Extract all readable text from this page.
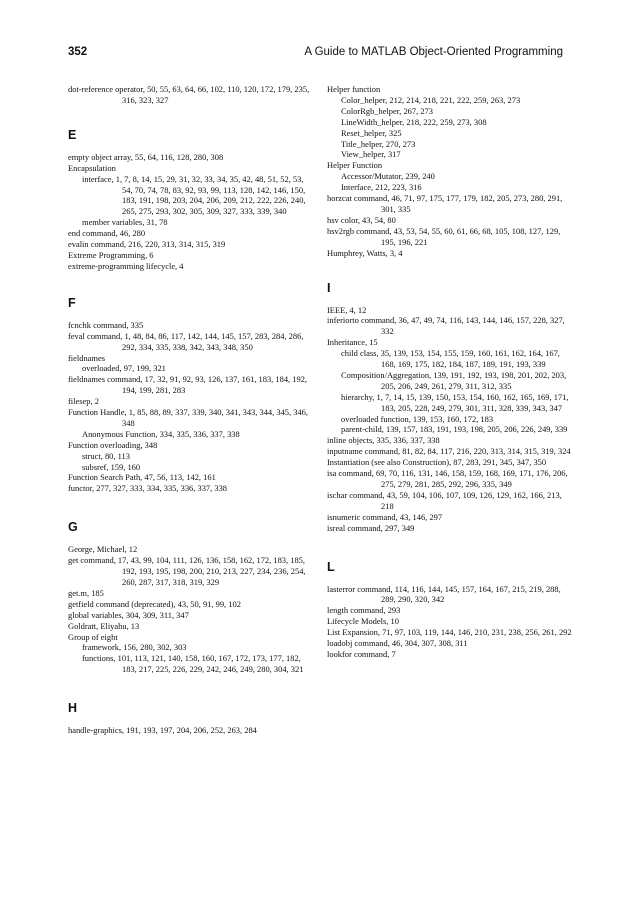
352	A Guide to MATLAB Object-Oriented Programming

dot-reference operator, 50, 55, 63, 64, 66, 102, 110, 120, 172, 179, 235, 316, 323, 327

E

empty object array, 55, 64, 116, 128, 280, 308

Encapsulation

interface, 1, 7, 8, 14, 15, 29, 31, 32, 33, 34, 35, 42, 48, 51, 52, 53, 54, 70, 74, 78, 83, 92, 93, 99, 113, 128, 142, 146, 150, 183, 191, 198, 203, 204, 206, 209, 212, 222, 226, 240, 265, 275, 293, 302, 305, 309, 327, 333, 339, 340

member variables, 31, 78

end command, 46, 280

evalin command, 216, 220, 313, 314, 315, 319

Extreme Programming, 6

extreme-programming lifecycle, 4

F

fcnchk command, 335

feval command, 1, 48, 84, 86, 117, 142, 144, 145, 157, 283, 284, 286, 292, 334, 335, 338, 342, 343, 348, 350

fieldnames

overloaded, 97, 199, 321

fieldnames command, 17, 32, 91, 92, 93, 126, 137, 161, 183, 184, 192, 194, 199, 281, 283

filesep, 2

Function Handle, 1, 85, 88, 89, 337, 339, 340, 341, 343, 344, 345, 346, 348

Anonymous Function, 334, 335, 336, 337, 338

Function overloading, 348

struct, 80, 113

subsref, 159, 160

Function Search Path, 47, 56, 113, 142, 161

functor, 277, 327, 333, 334, 335, 336, 337, 338

G

George, Michael, 12

get command, 17, 43, 99, 104, 111, 126, 136, 158, 162, 172, 183, 185, 192, 193, 195, 198, 200, 210, 213, 227, 234, 236, 254, 260, 287, 317, 318, 319, 329

get.m, 185

getfield command (deprecated), 43, 50, 91, 99, 102

global variables, 304, 309, 311, 347

Goldratt, Eliyahu, 13

Group of eight

framework, 156, 280, 302, 303

functions, 101, 113, 121, 140, 158, 160, 167, 172, 173, 177, 182, 183, 217, 225, 226, 229, 242, 246, 249, 280, 304, 321

H

handle-graphics, 191, 193, 197, 204, 206, 252, 263, 284

Helper function

Color_helper, 212, 214, 218, 221, 222, 259, 263, 273

ColorRgb_helper, 267, 273

LineWidth_helper, 218, 222, 259, 273, 308

Reset_helper, 325

Title_helper, 270, 273

View_helper, 317

Helper Function

Accessor/Mutator, 239, 240

Interface, 212, 223, 316

horzcat command, 46, 71, 97, 175, 177, 179, 182, 205, 273, 280, 291, 301, 335

hsv color, 43, 54, 80

hsv2rgb command, 43, 53, 54, 55, 60, 61, 66, 68, 105, 108, 127, 129, 195, 196, 221

Humphrey, Watts, 3, 4

I

IEEE, 4, 12

inferiorto command, 36, 47, 49, 74, 116, 143, 144, 146, 157, 228, 327, 332

Inheritance, 15

child class, 35, 139, 153, 154, 155, 159, 160, 161, 162, 164, 167, 168, 169, 175, 182, 184, 187, 189, 191, 193, 339

Composition/Aggregation, 139, 191, 192, 193, 198, 201, 202, 203, 205, 206, 249, 261, 279, 311, 312, 335

hierarchy, 1, 7, 14, 15, 139, 150, 153, 154, 160, 162, 165, 169, 171, 183, 205, 228, 249, 279, 301, 311, 328, 339, 343, 347

overloaded function, 139, 153, 160, 172, 183

parent-child, 139, 157, 183, 191, 193, 198, 205, 206, 226, 249, 339

inline objects, 335, 336, 337, 338

inputname command, 81, 82, 84, 117, 216, 220, 313, 314, 315, 319, 324

Instantiation (see also Construction), 87, 283, 291, 345, 347, 350

isa command, 69, 70, 116, 131, 146, 158, 159, 168, 169, 171, 176, 206, 275, 279, 281, 285, 292, 296, 335, 349

ischar command, 43, 59, 104, 106, 107, 109, 126, 129, 162, 166, 213, 218

isnumeric command, 43, 146, 297

isreal command, 297, 349

L

lasterror command, 114, 116, 144, 145, 157, 164, 167, 215, 219, 288, 289, 290, 320, 342

length command, 293

Lifecycle Models, 10

List Expansion, 71, 97, 103, 119, 144, 146, 210, 231, 238, 256, 261, 292

loadobj command, 46, 304, 307, 308, 311

lookfor command, 7
